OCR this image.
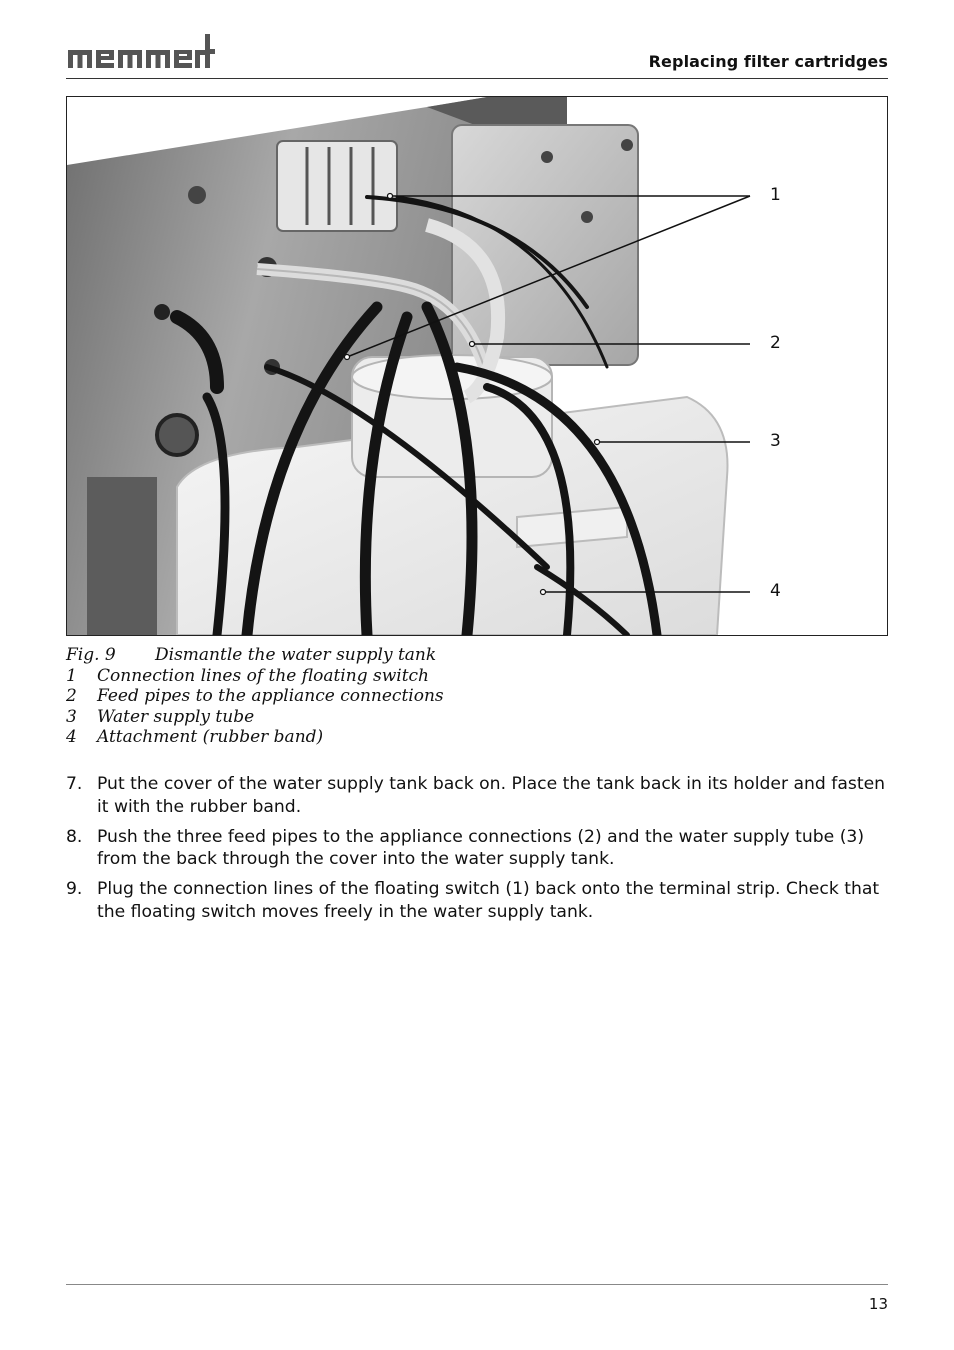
Replacing filter cartridges
1
2
3
4
Fig. 9	Dismantle the water supply tank
1	Connection lines of the floating switch
2	Feed pipes to the appliance connections
3	Water supply tube
4	Attachment (rubber band)
7. Put the cover of the water supply tank back on. Place the tank back in its holder and fasten it with the rubber band.
8. Push the three feed pipes to the appliance connections (2) and the water supply tube (3) from the back through the cover into the water supply tank.
9. Plug the connection lines of the floating switch (1) back onto the terminal strip. Check that the floating switch moves freely in the water supply tank.
13
